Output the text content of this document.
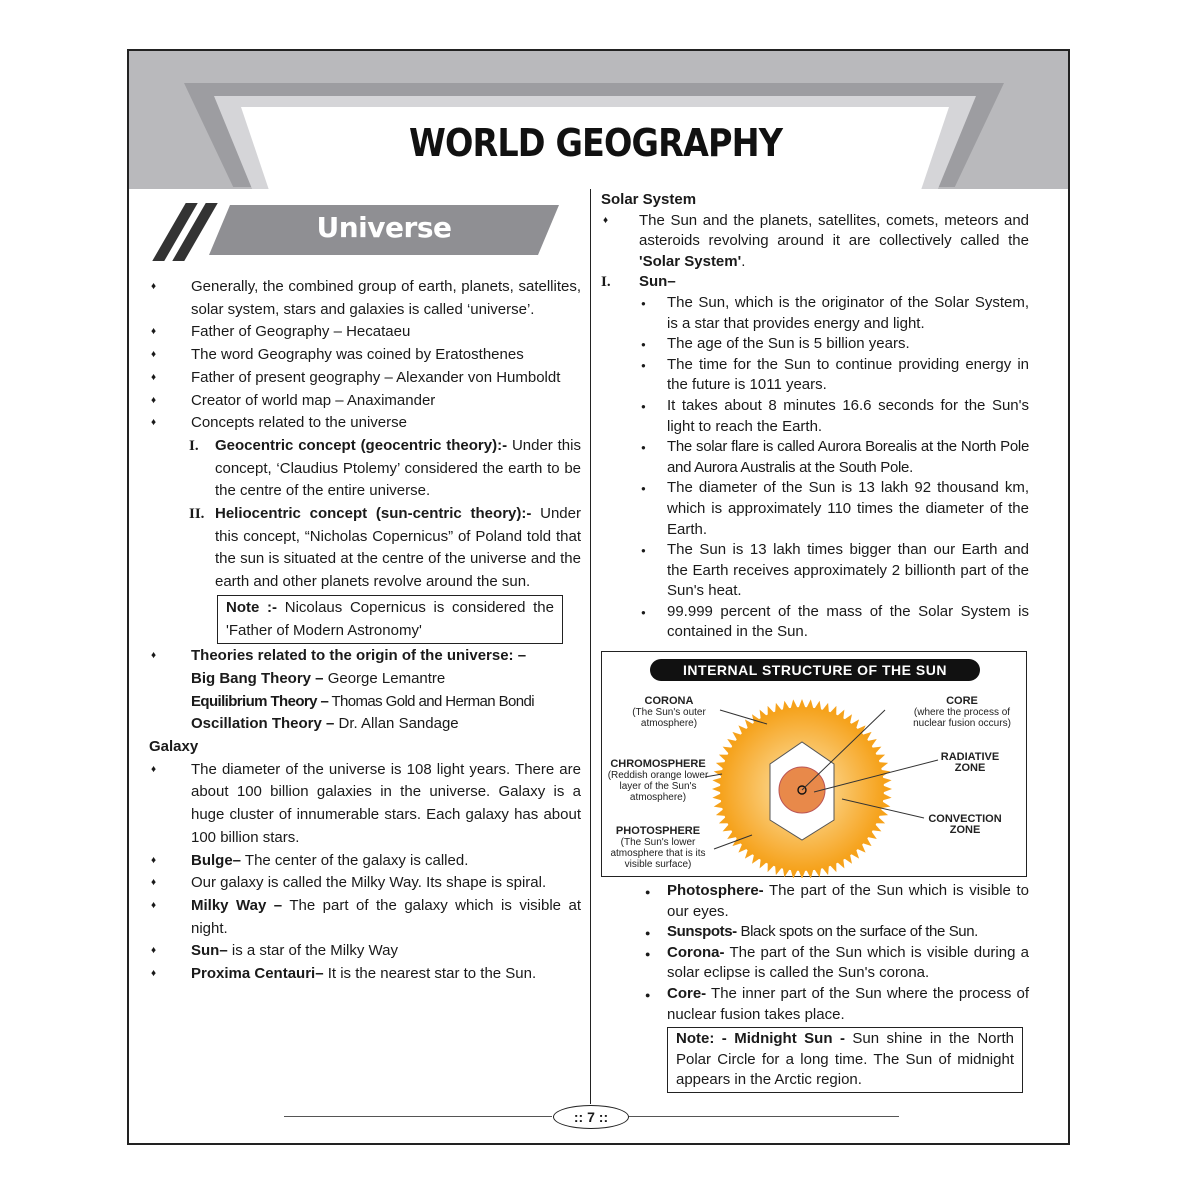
WORLD GEOGRAPHY
Universe
♦ Generally, the combined group of earth, planets, satellites, solar system, stars and galaxies is called ‘universe’.
♦ Father of Geography – Hecataeu
♦ The word Geography was coined by Eratosthenes
♦ Father of present geography – Alexander von Humboldt
♦ Creator of world map – Anaximander
♦ Concepts related to the universe
I. Geocentric concept (geocentric theory):- Under this concept, ‘Claudius Ptolemy’ considered the earth to be the centre of the entire universe.
II. Heliocentric concept (sun-centric theory):- Under this concept, “Nicholas Copernicus” of Poland told that the sun is situated at the centre of the universe and the earth and other planets revolve around the sun.
Note :- Nicolaus Copernicus is considered the 'Father of Modern Astronomy'
♦ Theories related to the origin of the universe: –
Big Bang Theory – George Lemantre
Equilibrium Theory – Thomas Gold and Herman Bondi
Oscillation Theory – Dr. Allan Sandage
Galaxy
♦ The diameter of the universe is 108 light years. There are about 100 billion galaxies in the universe. Galaxy is a huge cluster of innumerable stars. Each galaxy has about 100 billion stars.
♦ Bulge– The center of the galaxy is called.
♦ Our galaxy is called the Milky Way. Its shape is spiral.
♦ Milky Way – The part of the galaxy which is visible at night.
♦ Sun– is a star of the Milky Way
♦ Proxima Centauri– It is the nearest star to the Sun.
Solar System
♦ The Sun and the planets, satellites, comets, meteors and asteroids revolving around it are collectively called the 'Solar System'.
I. Sun–
● The Sun, which is the originator of the Solar System, is a star that provides energy and light.
● The age of the Sun is 5 billion years.
● The time for the Sun to continue providing energy in the future is 1011 years.
● It takes about 8 minutes 16.6 seconds for the Sun's light to reach the Earth.
● The solar flare is called Aurora Borealis at the North Pole and Aurora Australis at the South Pole.
● The diameter of the Sun is 13 lakh 92 thousand km, which is approximately 110 times the diameter of the Earth.
● The Sun is 13 lakh times bigger than our Earth and the Earth receives approximately 2 billionth part of the Sun's heat.
● 99.999 percent of the mass of the Solar System is contained in the Sun.
INTERNAL STRUCTURE OF THE SUN
CORONA
(The Sun's outer atmosphere)
CHROMOSPHERE
(Reddish orange lower layer of the Sun's atmosphere)
PHOTOSPHERE
(The Sun's lower atmosphere that is its visible surface)
CORE
(where the process of nuclear fusion occurs)
RADIATIVE ZONE
CONVECTION ZONE
● Photosphere- The part of the Sun which is visible to our eyes.
● Sunspots- Black spots on the surface of the Sun.
● Corona- The part of the Sun which is visible during a solar eclipse is called the Sun's corona.
● Core- The inner part of the Sun where the process of nuclear fusion takes place.
Note: - Midnight Sun - Sun shine in the North Polar Circle for a long time. The Sun of midnight appears in the Arctic region.
:: 7 ::
